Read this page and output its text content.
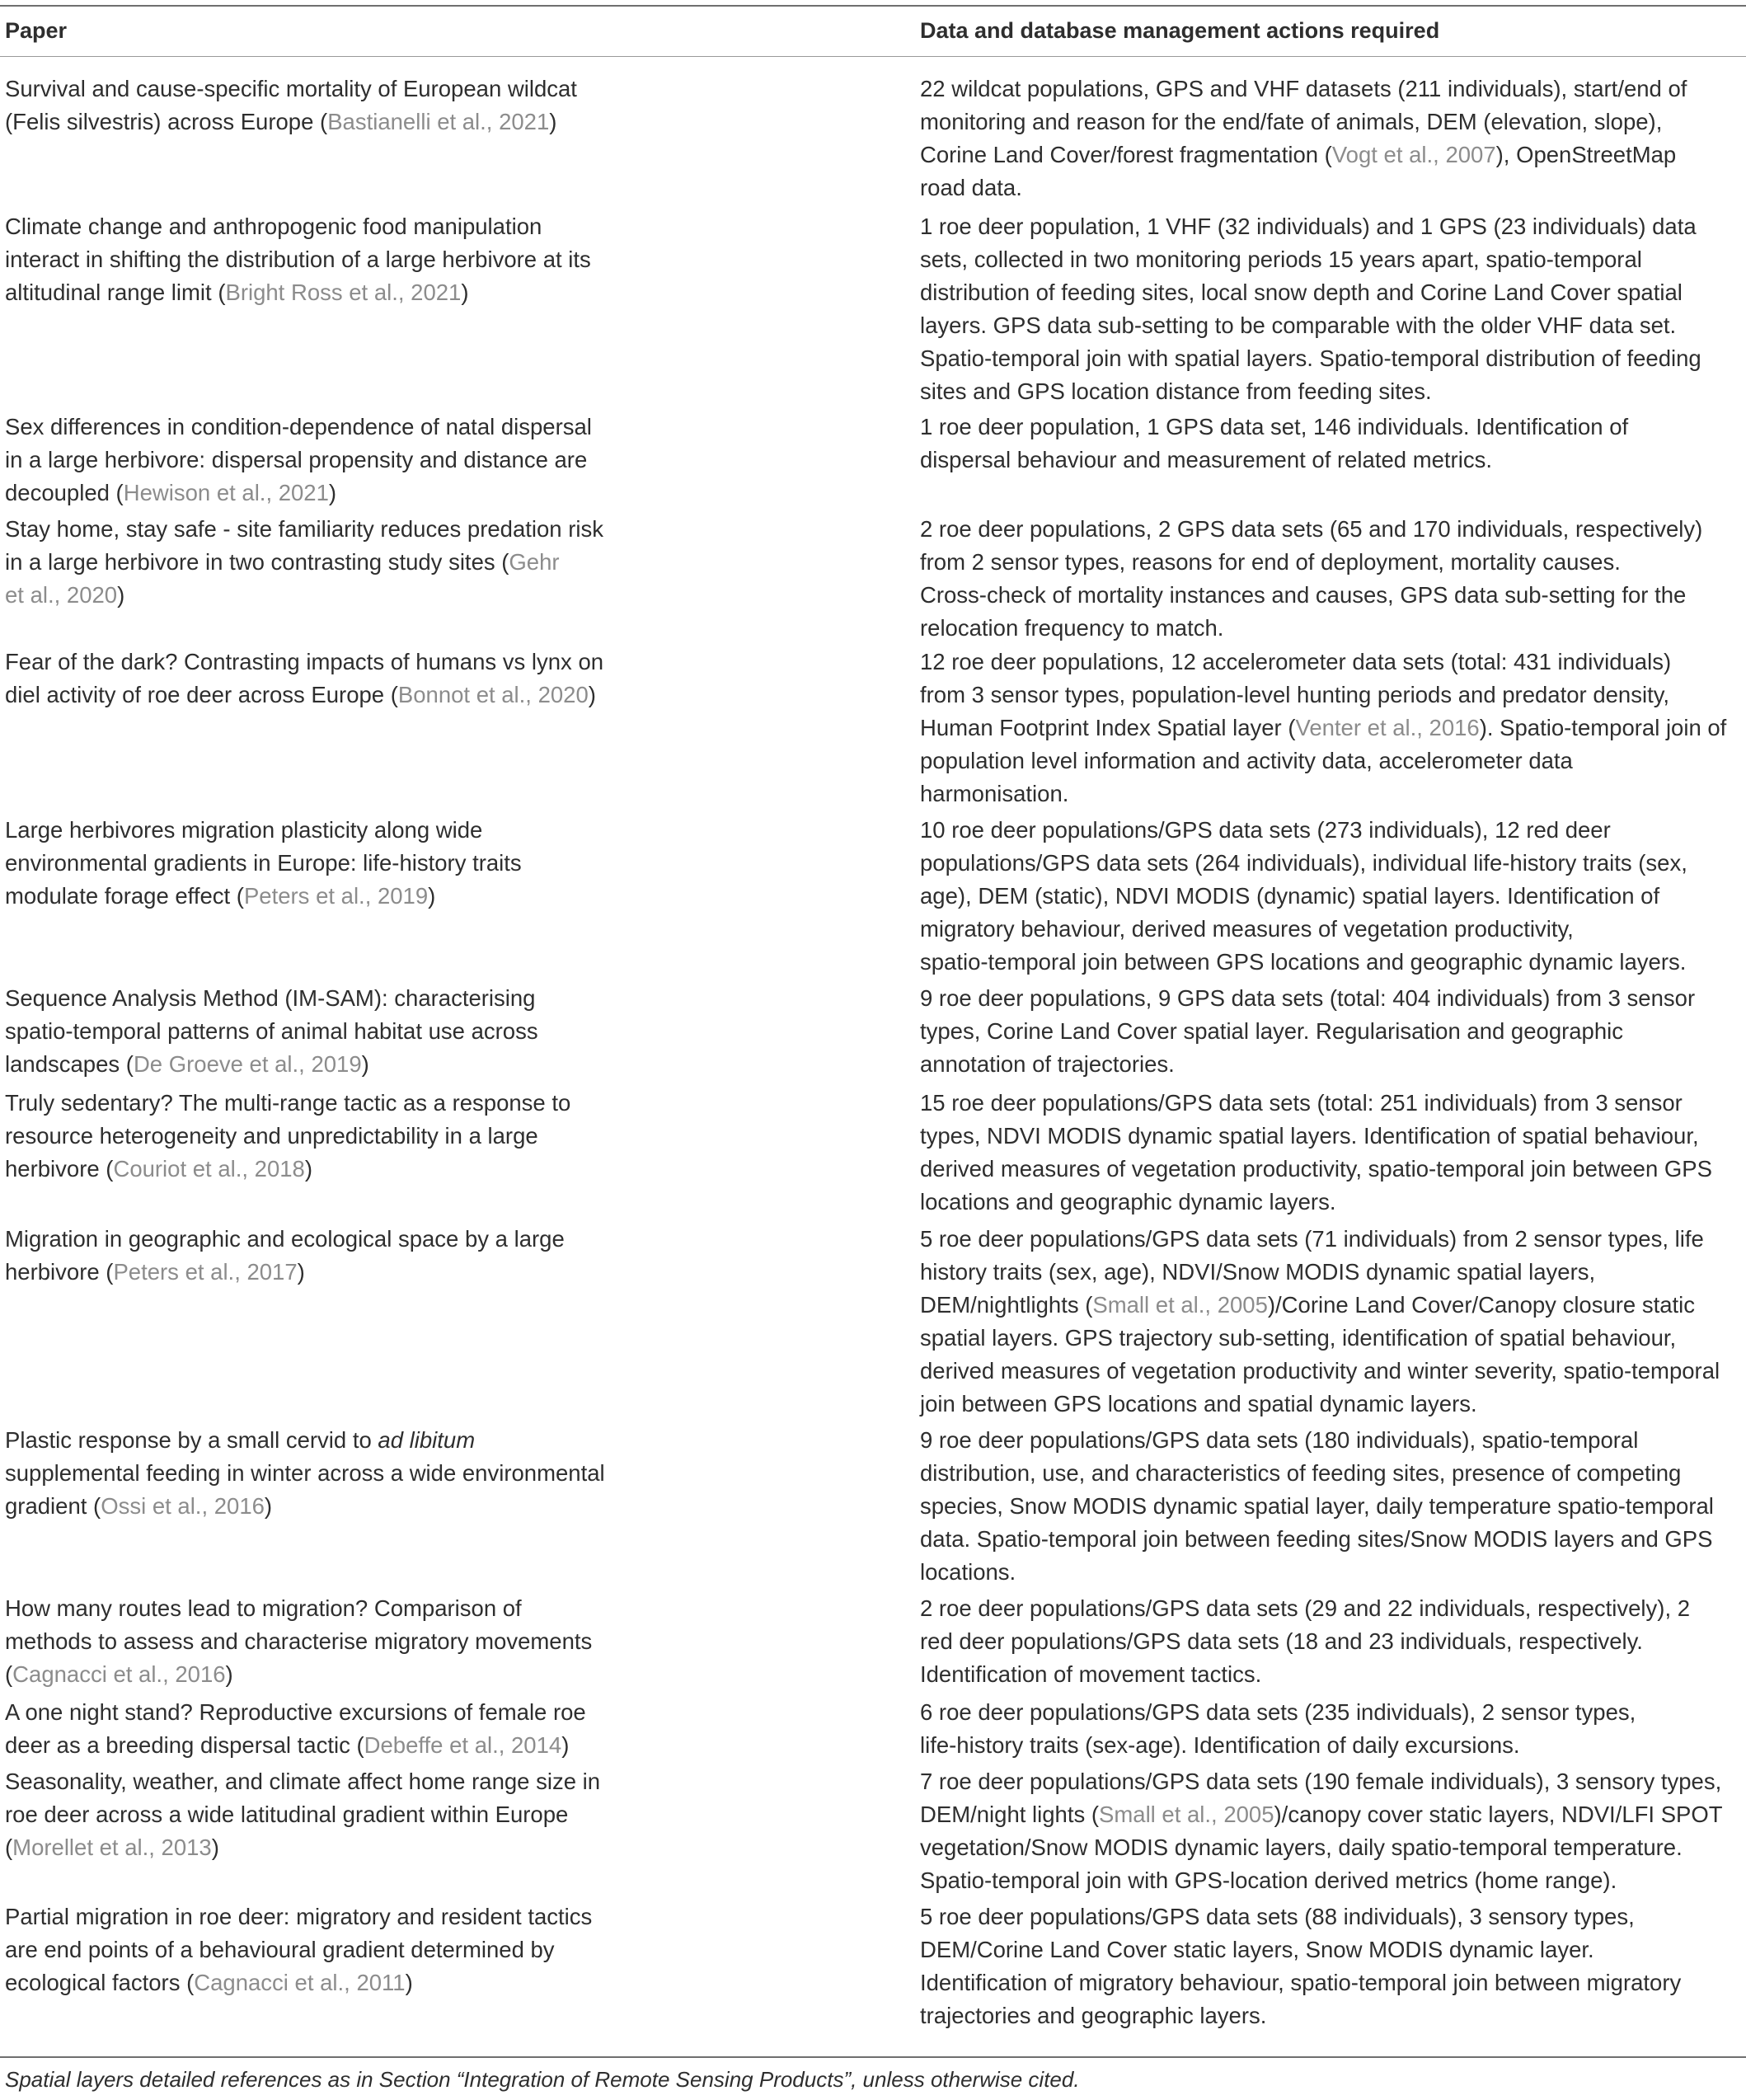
Paper	Data and database management actions required
Survival and cause-specific mortality of European wildcat
(Felis silvestris) across Europe (Bastianelli et al., 2021)
22 wildcat populations, GPS and VHF datasets (211 individuals), start/end of
monitoring and reason for the end/fate of animals, DEM (elevation, slope),
Corine Land Cover/forest fragmentation (Vogt et al., 2007), OpenStreetMap
road data.
Climate change and anthropogenic food manipulation
interact in shifting the distribution of a large herbivore at its
altitudinal range limit (Bright Ross et al., 2021)
1 roe deer population, 1 VHF (32 individuals) and 1 GPS (23 individuals) data
sets, collected in two monitoring periods 15 years apart, spatio-temporal
distribution of feeding sites, local snow depth and Corine Land Cover spatial
layers. GPS data sub-setting to be comparable with the older VHF data set.
Spatio-temporal join with spatial layers. Spatio-temporal distribution of feeding
sites and GPS location distance from feeding sites.
Sex differences in condition-dependence of natal dispersal
in a large herbivore: dispersal propensity and distance are
decoupled (Hewison et al., 2021)
1 roe deer population, 1 GPS data set, 146 individuals. Identification of
dispersal behaviour and measurement of related metrics.
Stay home, stay safe - site familiarity reduces predation risk
in a large herbivore in two contrasting study sites (Gehr
et al., 2020)
2 roe deer populations, 2 GPS data sets (65 and 170 individuals, respectively)
from 2 sensor types, reasons for end of deployment, mortality causes.
Cross-check of mortality instances and causes, GPS data sub-setting for the
relocation frequency to match.
Fear of the dark? Contrasting impacts of humans vs lynx on
diel activity of roe deer across Europe (Bonnot et al., 2020)
12 roe deer populations, 12 accelerometer data sets (total: 431 individuals)
from 3 sensor types, population-level hunting periods and predator density,
Human Footprint Index Spatial layer (Venter et al., 2016). Spatio-temporal join of
population level information and activity data, accelerometer data
harmonisation.
Large herbivores migration plasticity along wide
environmental gradients in Europe: life-history traits
modulate forage effect (Peters et al., 2019)
10 roe deer populations/GPS data sets (273 individuals), 12 red deer
populations/GPS data sets (264 individuals), individual life-history traits (sex,
age), DEM (static), NDVI MODIS (dynamic) spatial layers. Identification of
migratory behaviour, derived measures of vegetation productivity,
spatio-temporal join between GPS locations and geographic dynamic layers.
Sequence Analysis Method (IM-SAM): characterising
spatio-temporal patterns of animal habitat use across
landscapes (De Groeve et al., 2019)
9 roe deer populations, 9 GPS data sets (total: 404 individuals) from 3 sensor
types, Corine Land Cover spatial layer. Regularisation and geographic
annotation of trajectories.
Truly sedentary? The multi-range tactic as a response to
resource heterogeneity and unpredictability in a large
herbivore (Couriot et al., 2018)
15 roe deer populations/GPS data sets (total: 251 individuals) from 3 sensor
types, NDVI MODIS dynamic spatial layers. Identification of spatial behaviour,
derived measures of vegetation productivity, spatio-temporal join between GPS
locations and geographic dynamic layers.
Migration in geographic and ecological space by a large
herbivore (Peters et al., 2017)
5 roe deer populations/GPS data sets (71 individuals) from 2 sensor types, life
history traits (sex, age), NDVI/Snow MODIS dynamic spatial layers,
DEM/nightlights (Small et al., 2005)/Corine Land Cover/Canopy closure static
spatial layers. GPS trajectory sub-setting, identification of spatial behaviour,
derived measures of vegetation productivity and winter severity, spatio-temporal
join between GPS locations and spatial dynamic layers.
Plastic response by a small cervid to ad libitum
supplemental feeding in winter across a wide environmental
gradient (Ossi et al., 2016)
9 roe deer populations/GPS data sets (180 individuals), spatio-temporal
distribution, use, and characteristics of feeding sites, presence of competing
species, Snow MODIS dynamic spatial layer, daily temperature spatio-temporal
data. Spatio-temporal join between feeding sites/Snow MODIS layers and GPS
locations.
How many routes lead to migration? Comparison of
methods to assess and characterise migratory movements
(Cagnacci et al., 2016)
2 roe deer populations/GPS data sets (29 and 22 individuals, respectively), 2
red deer populations/GPS data sets (18 and 23 individuals, respectively.
Identification of movement tactics.
A one night stand? Reproductive excursions of female roe
deer as a breeding dispersal tactic (Debeffe et al., 2014)
6 roe deer populations/GPS data sets (235 individuals), 2 sensor types,
life-history traits (sex-age). Identification of daily excursions.
Seasonality, weather, and climate affect home range size in
roe deer across a wide latitudinal gradient within Europe
(Morellet et al., 2013)
7 roe deer populations/GPS data sets (190 female individuals), 3 sensory types,
DEM/night lights (Small et al., 2005)/canopy cover static layers, NDVI/LFI SPOT
vegetation/Snow MODIS dynamic layers, daily spatio-temporal temperature.
Spatio-temporal join with GPS-location derived metrics (home range).
Partial migration in roe deer: migratory and resident tactics
are end points of a behavioural gradient determined by
ecological factors (Cagnacci et al., 2011)
5 roe deer populations/GPS data sets (88 individuals), 3 sensory types,
DEM/Corine Land Cover static layers, Snow MODIS dynamic layer.
Identification of migratory behaviour, spatio-temporal join between migratory
trajectories and geographic layers.
Spatial layers detailed references as in Section “Integration of Remote Sensing Products”, unless otherwise cited.
